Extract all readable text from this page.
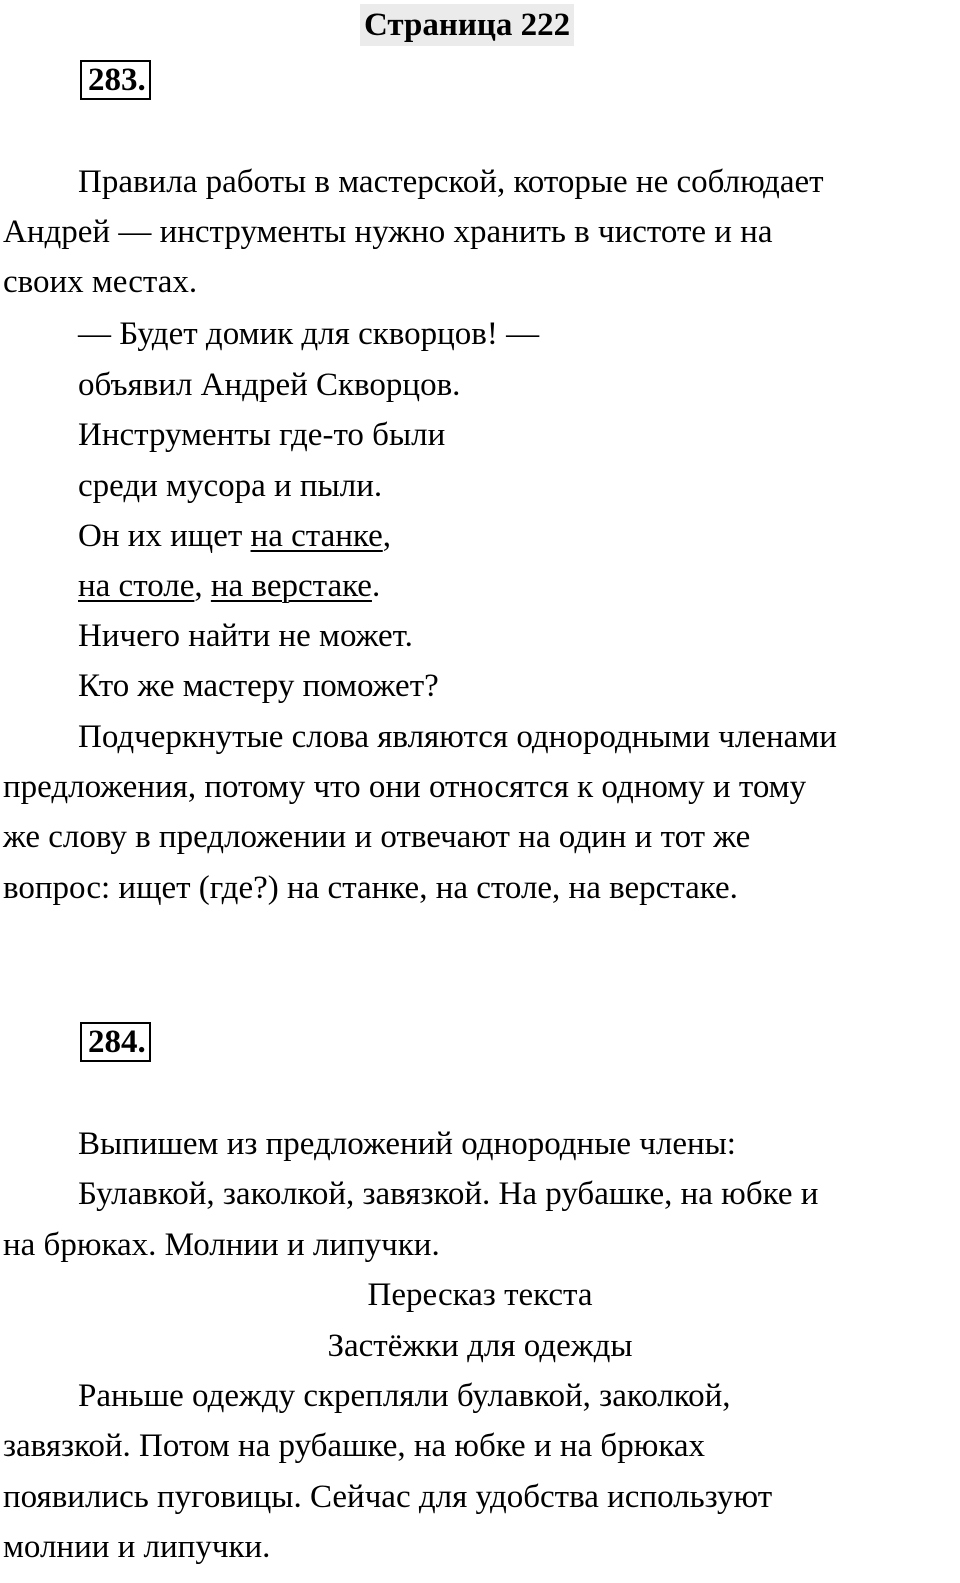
Страница 222
283.
Правила работы в мастерской, которые не соблюдает
Андрей — инструменты нужно хранить в чистоте и на
своих местах.
— Будет домик для скворцов! —
объявил Андрей Скворцов.
Инструменты где-то были
среди мусора и пыли.
Он их ищет на станке,
на столе, на верстаке.
Ничего найти не может.
Кто же мастеру поможет?
Подчеркнутые слова являются однородными членами
предложения, потому что они относятся к одному и тому
же слову в предложении и отвечают на один и тот же
вопрос: ищет (где?) на станке, на столе, на верстаке.
284.
Выпишем из предложений однородные члены:
Булавкой, заколкой, завязкой. На рубашке, на юбке и
на брюках. Молнии и липучки.
Пересказ текста
Застёжки для одежды
Раньше одежду скрепляли булавкой, заколкой,
завязкой. Потом на рубашке, на юбке и на брюках
появились пуговицы. Сейчас для удобства используют
молнии и липучки.
